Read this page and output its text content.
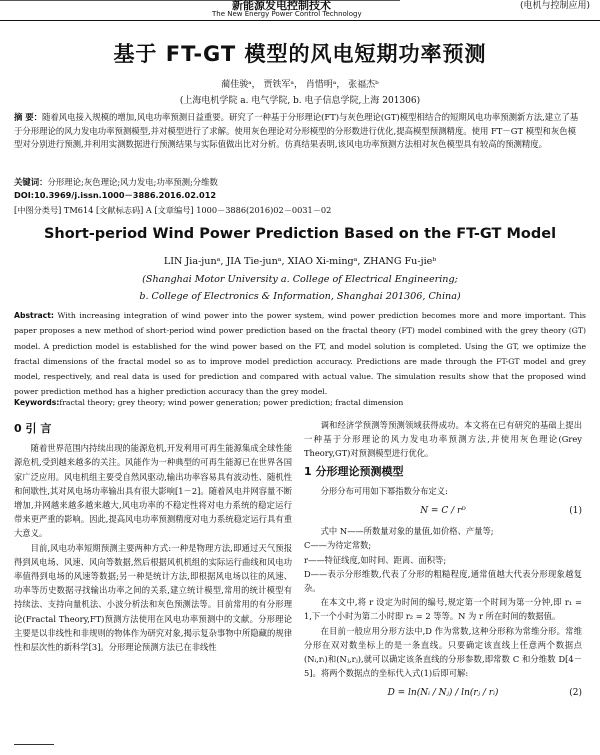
新能源发电控制技术
The New Energy Power Control Technology
(电机与控制应用)
基于 FT-GT 模型的风电短期功率预测
蔺佳骏ᵃ， 贾铁军ᵃ， 肖惜明ᵃ， 张福杰ᵇ
(上海电机学院 a. 电气学院, b. 电子信息学院,上海 201306)
摘 要：随着风电接入规模的增加,风电功率预测日益重要。研究了一种基于分形理论(FT)与灰色理论(GT)模型相结合的短期风电功率预测新方法,建立了基于分形理论的风力发电功率预测模型,并对模型进行了求解。使用灰色理论对分形模型的分形数进行优化,提高模型预测精度。使用 FT－GT 模型和灰色模型对分别进行预测,并利用实测数据进行预测结果与实际值做出比对分析。仿真结果表明,该风电功率预测方法相对灰色模型具有较高的预测精度。
关键词：分形理论;灰色理论;风力发电;功率预测;分维数
DOI:10.3969/j.issn.1000－3886.2016.02.012
[中图分类号] TM614 [文献标志码] A [文章编号] 1000－3886(2016)02－0031－02
Short-period Wind Power Prediction Based on the FT-GT Model
LIN Jia-junᵃ, JIA Tie-junᵃ, XIAO Xi-mingᵃ, ZHANG Fu-jieᵇ
(Shanghai Motor University a. College of Electrical Engineering;
b. College of Electronics & Information, Shanghai 201306, China)
Abstract: With increasing integration of wind power into the power system, wind power prediction becomes more and more important. This paper proposes a new method of short-period wind power prediction based on the fractal theory (FT) model combined with the grey theory (GT) model. A prediction model is established for the wind power based on the FT, and model solution is completed. Using the GT, we optimize the fractal dimensions of the fractal model so as to improve model prediction accuracy. Predictions are made through the FT-GT model and grey model, respectively, and real data is used for prediction and compared with actual value. The simulation results show that the proposed wind power prediction method has a higher prediction accuracy than the grey model.
Keywords:fractal theory; grey theory; wind power generation; power prediction; fractal dimension
0 引 言

随着世界范围内持续出现的能源危机,开发利用可再生能源集成全球性能源危机,受到越来越多的关注。风能作为一种典型的可再生能源已在世界各国家广泛应用。风电机组主要受自然风驱动,输出功率容易具有波动性、随机性和间歇性,其对风电场功率输出具有很大影响[1－2]。随着风电并网容量不断增加,并网越来越多越来越大,风电功率的不稳定性将对电力系统的稳定运行带来更严重的影响。因此,提高风电功率预测精度对电力系统稳定运行具有重大意义。

目前,风电功率短期预测主要两种方式:一种是物理方法,即通过天气预报得到风电场、风速、风向等数据,然后根据风机机组的实际运行曲线和风电功率值得到电场的风速等数据;另一种是统计方法,即根据风电场以往的风速、功率等历史数据寻找输出功率之间的关系,建立统计模型,常用的统计模型有持续法、支持向量机法、小波分析法和灰色预测法等。目前常用的有分形理论(Fractal Theory,FT)预测方法使用在风电功率预测中的文献。分形理论主要是以非线性和非规则的物体作为研究对象,揭示复杂事物中所隐藏的规律性和层次性的新科学[3]。分形理论预测方法已在非线性

调和经济学预测等预测领域获得成功。本文将在已有研究的基础上提出一种基于分形理论的风力发电功率预测方法,并使用灰色理论(Grey Theory,GT)对预测模型进行优化。

1 分形理论预测模型

分形分布可用如下幂指数分布定义:

N = C / rᴰ	(1)

式中 N——所数量对象的量值,如价格、产量等;
C——为待定常数;
r——特征线度,如时间、距离、面积等;
D——表示分形维数,代表了分形的粗糙程度,通常值越大代表分形现象越复杂。

在本文中,将 r 设定为时间的编号,规定第一个时间为第一分钟,即 r₁ = 1,下一个小时为第二小时即 r₂ = 2 等等。N 为 r 所在时间的数据值。

在目前一般应用分形方法中,D 作为常数,这种分形称为常维分形。常维分形在双对数坐标上的是一条直线。只要确定该直线上任意两个数据点(Nᵢ,rᵢ)和(Nⱼ,rⱼ),就可以确定该条直线的分形参数,即常数 C 和分维数 D[4－5]。将两个数据点的坐标代入式(1)后即可解:

D = ln(Nᵢ / Nⱼ) / ln(rⱼ / rᵢ)	(2)
